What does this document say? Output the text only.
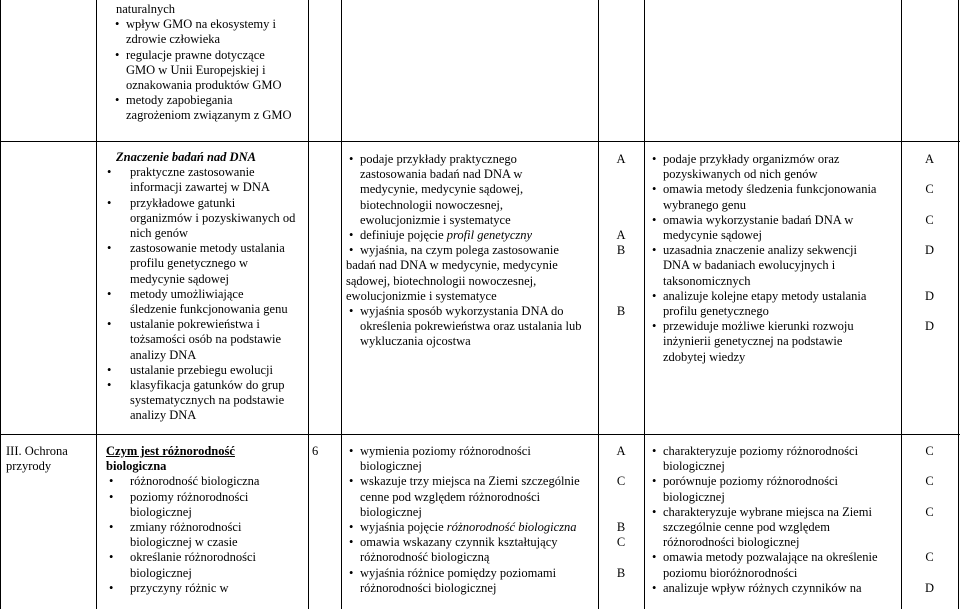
naturalnych
• wpływ GMO na ekosystemy i
zdrowie człowieka
• regulacje prawne dotyczące
GMO w Unii Europejskiej i
oznakowania produktów GMO
• metody zapobiegania
zagrożeniom związanym z GMO
Znaczenie badań nad DNA
• praktyczne zastosowanie
informacji zawartej w DNA
• przykładowe gatunki
organizmów i pozyskiwanych od
nich genów
• zastosowanie metody ustalania
profilu genetycznego w
medycynie sądowej
• metody umożliwiające
śledzenie funkcjonowania genu
• ustalanie pokrewieństwa i
tożsamości osób na podstawie
analizy DNA
• ustalanie przebiegu ewolucji
• klasyfikacja gatunków do grup
systematycznych na podstawie
analizy DNA
• podaje przykłady praktycznego
zastosowania badań nad DNA w
medycynie, medycynie sądowej,
biotechnologii nowoczesnej,
ewolucjonizmie i systematyce
• definiuje pojęcie profil genetyczny
• wyjaśnia, na czym polega zastosowanie
badań nad DNA w medycynie, medycynie
sądowej, biotechnologii nowoczesnej,
ewolucjonizmie i systematyce
• wyjaśnia sposób wykorzystania DNA do
określenia pokrewieństwa oraz ustalania lub
wykluczania ojcostwa
A
A
B
B
• podaje przykłady organizmów oraz
pozyskiwanych od nich genów
• omawia metody śledzenia funkcjonowania
wybranego genu
• omawia wykorzystanie badań DNA w
medycynie sądowej
• uzasadnia znaczenie analizy sekwencji
DNA w badaniach ewolucyjnych i
taksonomicznych
• analizuje kolejne etapy metody ustalania
profilu genetycznego
• przewiduje możliwe kierunki rozwoju
inżynierii genetycznej na podstawie
zdobytej wiedzy
A
C
C
D
D
D
III. Ochrona
przyrody
Czym jest różnorodność
biologiczna
• różnorodność biologiczna
• poziomy różnorodności
biologicznej
• zmiany różnorodności
biologicznej w czasie
• określanie różnorodności
biologicznej
• przyczyny różnic w
6
•	wymienia poziomy różnorodności
biologicznej
• wskazuje trzy miejsca na Ziemi szczególnie
cenne pod względem różnorodności
biologicznej
• wyjaśnia pojęcie różnorodność biologiczna
• omawia wskazany czynnik kształtujący
różnorodność biologiczną
• wyjaśnia różnice pomiędzy poziomami
różnorodności biologicznej
A
C
B
C
B
• charakteryzuje poziomy różnorodności
biologicznej
• porównuje poziomy różnorodności
biologicznej
• charakteryzuje wybrane miejsca na Ziemi
szczególnie cenne pod względem
różnorodności biologicznej
• omawia metody pozwalające na określenie
poziomu bioróżnorodności
• analizuje wpływ różnych czynników na
C
C
C
C
D
